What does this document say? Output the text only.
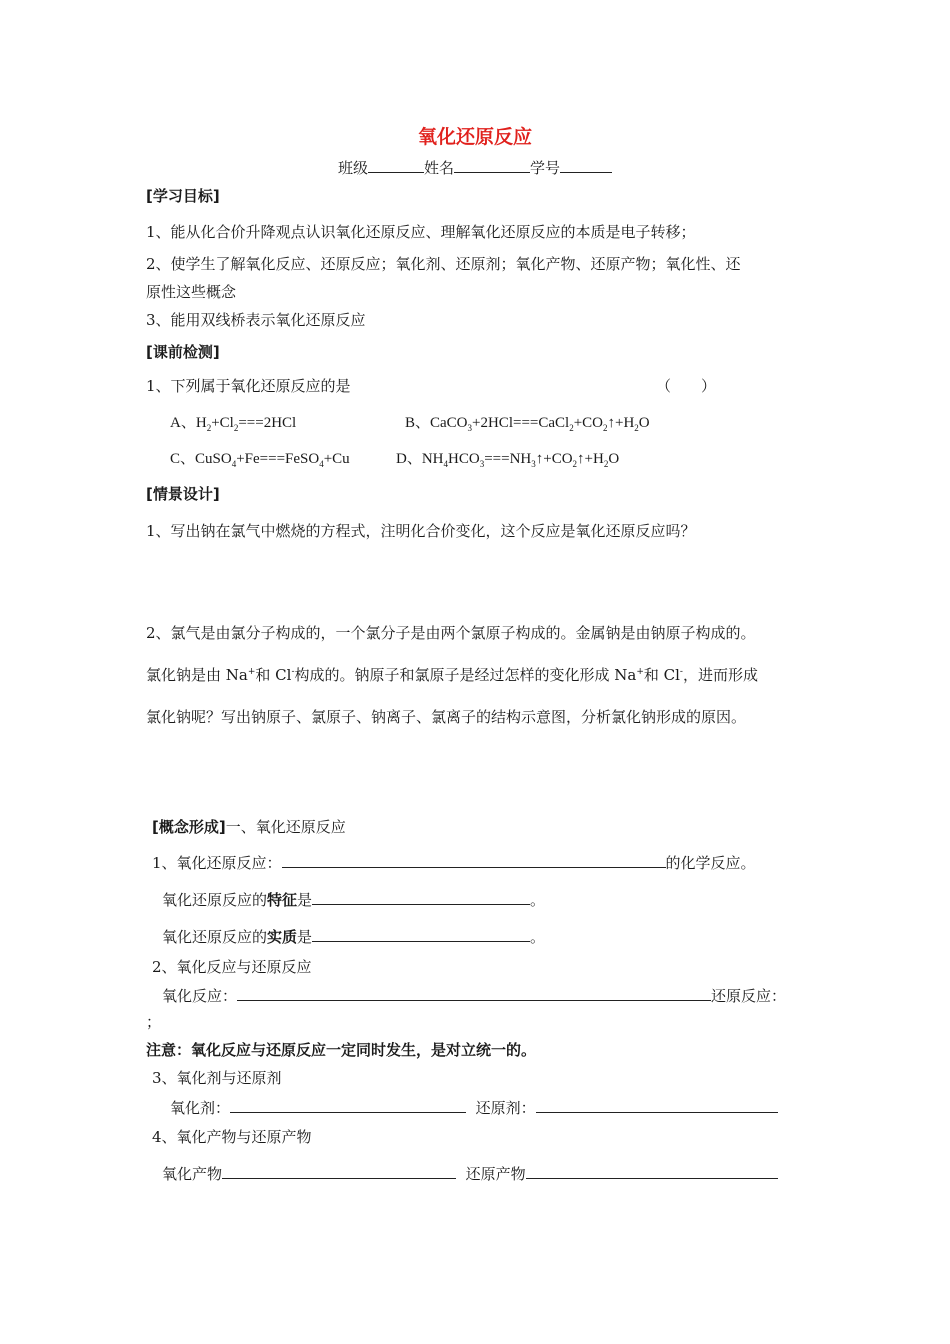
氧化还原反应
班级	姓名	学号
[学习目标]
1、能从化合价升降观点认识氧化还原反应、理解氧化还原反应的本质是电子转移；
2、使学生了解氧化反应、还原反应；氧化剂、还原剂；氧化产物、还原产物；氧化性、还
原性这些概念
3、能用双线桥表示氧化还原反应
[课前检测]
1、下列属于氧化还原反应的是	（　　）
A、$H_2+Cl_2===2HCl$	B、$CaCO_3+2HCl===CaCl_2+CO_2↑+H_2O$
C、CuSO$_4$+Fe===FeSO$_4$+Cu	D、$NH_4HCO_3===NH_3↑+CO_2↑+H_2O$
[情景设计]
1、写出钠在氯气中燃烧的方程式，注明化合价变化，这个反应是氧化还原反应吗？
2、氯气是由氯分子构成的，一个氯分子是由两个氯原子构成的。金属钠是由钠原子构成的。
氯化钠是由 Na+和 Cl-构成的。钠原子和氯原子是经过怎样的变化形成 Na+和 Cl-，进而形成
氯化钠呢？写出钠原子、氯原子、钠离子、氯离子的结构示意图，分析氯化钠形成的原因。
[概念形成]一、氧化还原反应
1、氧化还原反应：	的化学反应。
氧化还原反应的特征是	。
氧化还原反应的实质是	。
2、氧化反应与还原反应
氧化反应：	还原反应：
；
注意：氧化反应与还原反应一定同时发生，是对立统一的。
3、氧化剂与还原剂
氧化剂：	还原剂：
4、氧化产物与还原产物
氧化产物	还原产物
